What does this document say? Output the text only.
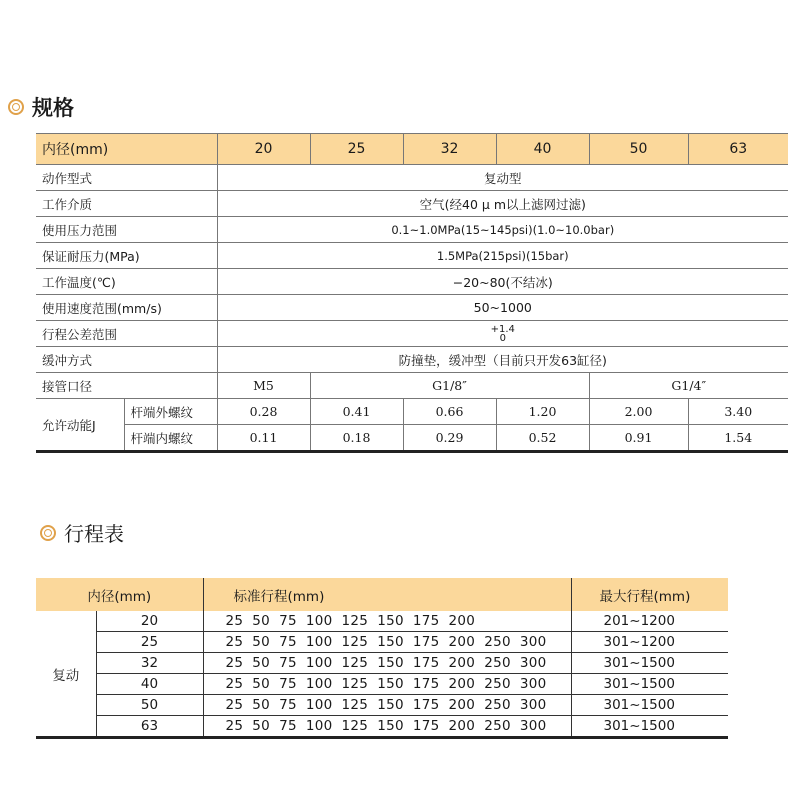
规格
内径(mm)		20	25	32	40	50	63
动作型式		复动型					
工作介质		空气(经40 μ m以上滤网过滤)					
使用压力范围		0.1~1.0MPa(15~145psi)(1.0~10.0bar)					
保证耐压力(MPa)		1.5MPa(215psi)(15bar)					
工作温度(℃)		−20~80(不结冰)					
使用速度范围(mm/s)		50~1000					
行程公差范围		+1.4
0					
缓冲方式		防撞垫，缓冲型（目前只开发63缸径)					
接管口径		M5	G1/8″			G1/4″	
允许动能J	杆端外螺纹	0.28	0.41	0.66	1.20	2.00	3.40
	杆端内螺纹	0.11	0.18	0.29	0.52	0.91	1.54
行程表
内径(mm)		标准行程(mm)	最大行程(mm)
复动	20	25 50 75 100 125 150 175 200	201~1200
	25	25 50 75 100 125 150 175 200 250 300	301~1200
	32	25 50 75 100 125 150 175 200 250 300	301~1500
	40	25 50 75 100 125 150 175 200 250 300	301~1500
	50	25 50 75 100 125 150 175 200 250 300	301~1500
	63	25 50 75 100 125 150 175 200 250 300	301~1500
